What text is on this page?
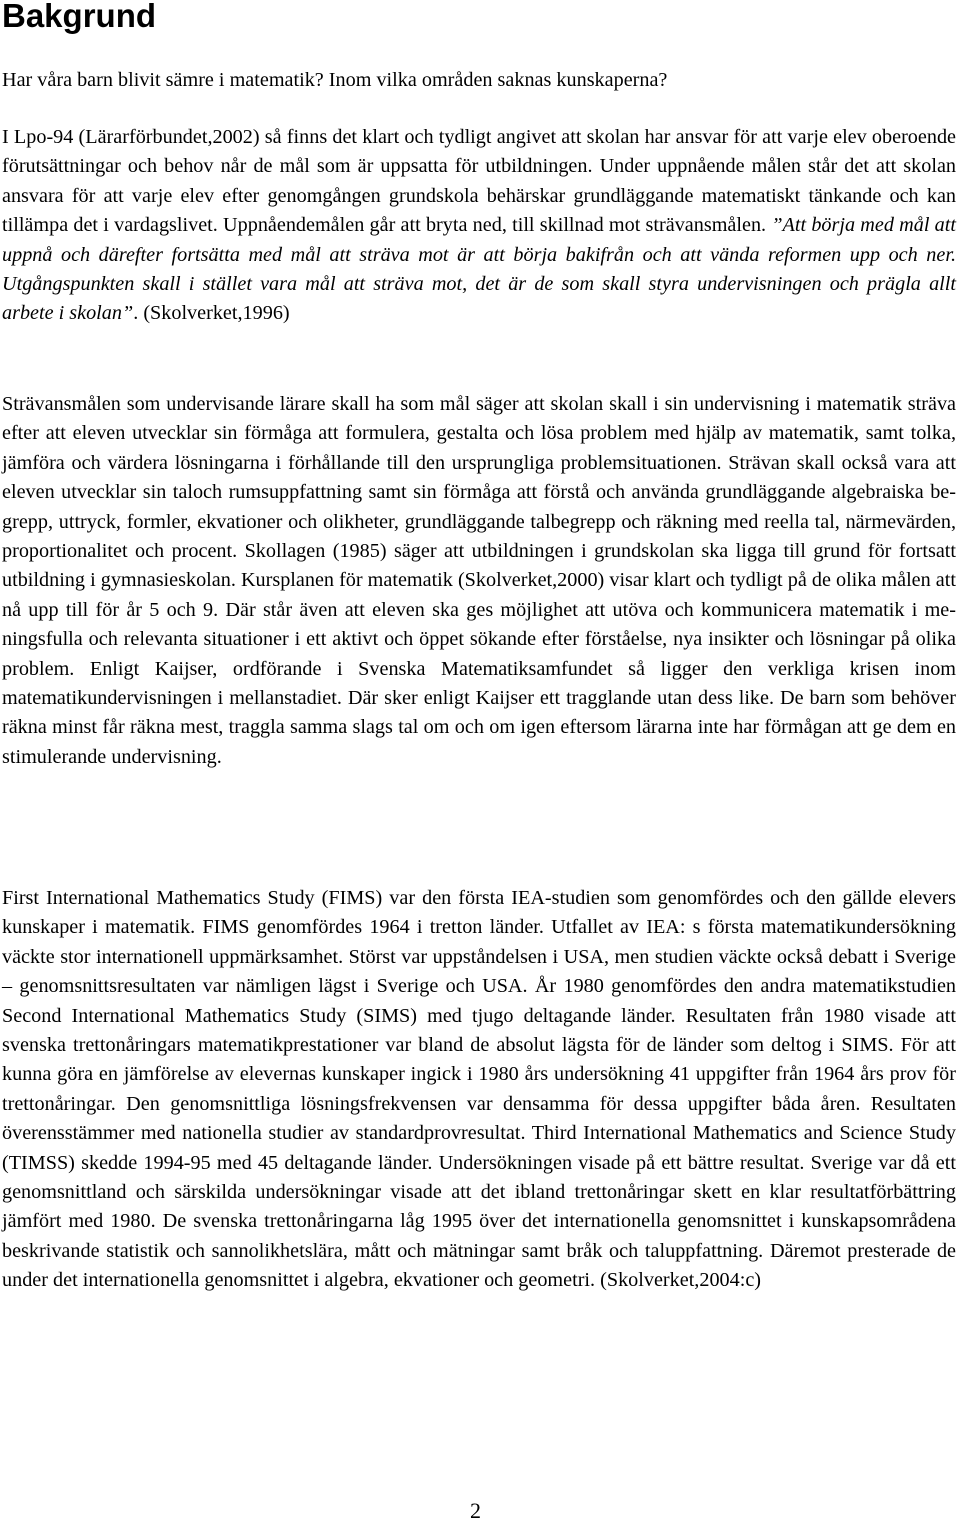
Bakgrund

Har våra barn blivit sämre i matematik? Inom vilka områden saknas kunskaperna?

I Lpo-94 (Lärarförbundet,2002) så finns det klart och tydligt angivet att skolan har ansvar för att varje elev oberoende förutsättningar och behov når de mål som är uppsatta för utbildningen. Under uppnående målen står det att skolan ansvara för att varje elev efter genomgången grundskola behärskar grundläggande matematiskt tänkande och kan tillämpa det i vardagslivet. Uppnåendemålen går att bryta ned, till skillnad mot strävansmålen. ”Att börja med mål att uppnå och därefter fortsätta med mål att sträva mot är att börja bakifrån och att vända reformen upp och ner. Utgångspunkten skall i stället vara mål att sträva mot, det är de som skall styra undervisningen och prägla allt arbete i skolan”. (Skolverket,1996)

Strävansmålen som undervisande lärare skall ha som mål säger att skolan skall i sin undervisning i matematik sträva efter att eleven utvecklar sin förmåga att formulera, gestalta och lösa problem med hjälp av matematik, samt tolka, jämföra och värdera lösningarna i förhållande till den ursprungliga problemsituationen. Strävan skall också vara att eleven utvecklar sin taloch rumsuppfattning samt sin förmåga att förstå och använda grundläggande algebraiska begrepp, uttryck, formler, ekvationer och olikheter, grundläggande talbegrepp och räkning med reella tal, närmevärden, proportionalitet och procent. Skollagen (1985) säger att utbildningen i grundskolan ska ligga till grund för fortsatt utbildning i gymnasieskolan. Kursplanen för matematik (Skolverket,2000) visar klart och tydligt på de olika målen att nå upp till för år 5 och 9. Där står även att eleven ska ges möjlighet att utöva och kommunicera matematik i meningsfulla och relevanta situationer i ett aktivt och öppet sökande efter förståelse, nya insikter och lösningar på olika problem. Enligt Kaijser, ordförande i Svenska Matematiksamfundet så ligger den verkliga krisen inom matematikundervisningen i mellanstadiet. Där sker enligt Kaijser ett tragglande utan dess like. De barn som behöver räkna minst får räkna mest, traggla samma slags tal om och om igen eftersom lärarna inte har förmågan att ge dem en stimulerande undervisning.

First International Mathematics Study (FIMS) var den första IEA-studien som genomfördes och den gällde elevers kunskaper i matematik. FIMS genomfördes 1964 i tretton länder. Utfallet av IEA: s första matematikundersökning väckte stor internationell uppmärksamhet. Störst var uppståndelsen i USA, men studien väckte också debatt i Sverige – genomsnittsresultaten var nämligen lägst i Sverige och USA. År 1980 genomfördes den andra matematikstudien Second International Mathematics Study (SIMS) med tjugo deltagande länder. Resultaten från 1980 visade att svenska trettonåringars matematikprestationer var bland de absolut lägsta för de länder som deltog i SIMS. För att kunna göra en jämförelse av elevernas kunskaper ingick i 1980 års undersökning 41 uppgifter från 1964 års prov för trettonåringar. Den genomsnittliga lösningsfrekvensen var densamma för dessa uppgifter båda åren. Resultaten överensstämmer med nationella studier av standardprovresultat. Third International Mathematics and Science Study (TIMSS) skedde 1994-95 med 45 deltagande länder. Undersökningen visade på ett bättre resultat. Sverige var då ett genomsnittland och särskilda undersökningar visade att det ibland trettonåringar skett en klar resultatförbättring jämfört med 1980. De svenska trettonåringarna låg 1995 över det internationella genomsnittet i kunskapsområdena beskrivande statistik och sannolikhetslära, mått och mätningar samt bråk och taluppfattning. Däremot presterade de under det internationella genomsnittet i algebra, ekvationer och geometri. (Skolverket,2004:c)

2
